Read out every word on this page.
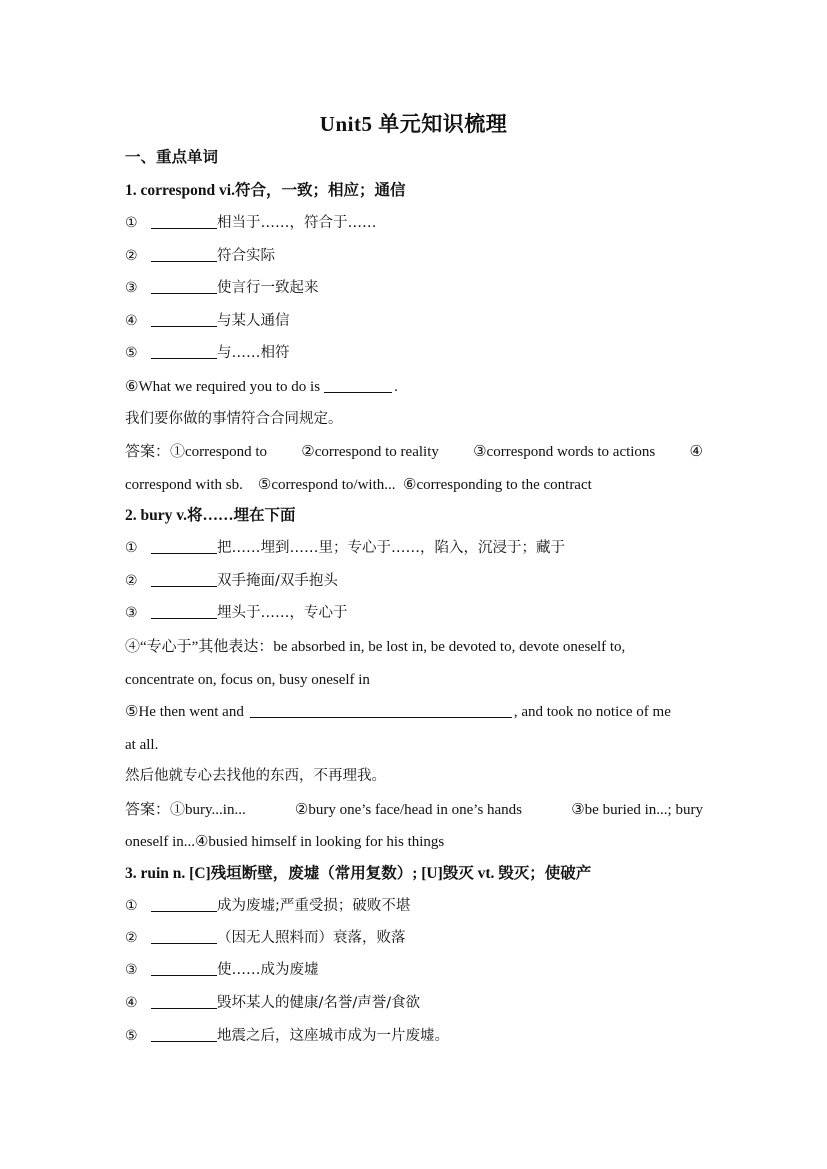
Unit5 单元知识梳理
一、重点单词
1. correspond vi.符合，一致；相应；通信
①	相当于……，符合于……
②	符合实际
③	使言行一致起来
④	与某人通信
⑤	与……相符
⑥What we required you to do is	.
我们要你做的事情符合合同规定。
答案：①correspond to ②correspond to reality ③correspond words to actions ④
correspond with sb.    ⑤correspond to/with...  ⑥corresponding to the contract
2. bury v.将……埋在下面
①	把……埋到……里；专心于……，陷入，沉浸于；藏于
②	双手掩面/双手抱头
③	埋头于……，专心于
④“专心于”其他表达：be absorbed in, be lost in, be devoted to, devote oneself to,
concentrate on, focus on, busy oneself in
⑤He then went and	, and took no notice of me
at all.
然后他就专心去找他的东西，不再理我。
答案：①bury...in...	②bury one’s face/head in one’s hands	③be buried in...; bury
oneself in...④busied himself in looking for his things
3. ruin n. [C]残垣断壁，废墟（常用复数）; [U]毁灭 vt. 毁灭；使破产
①	成为废墟;严重受损；破败不堪
②	（因无人照料而）衰落，败落
③	使……成为废墟
④	毁坏某人的健康/名誉/声誉/食欲
⑤	地震之后，这座城市成为一片废墟。
